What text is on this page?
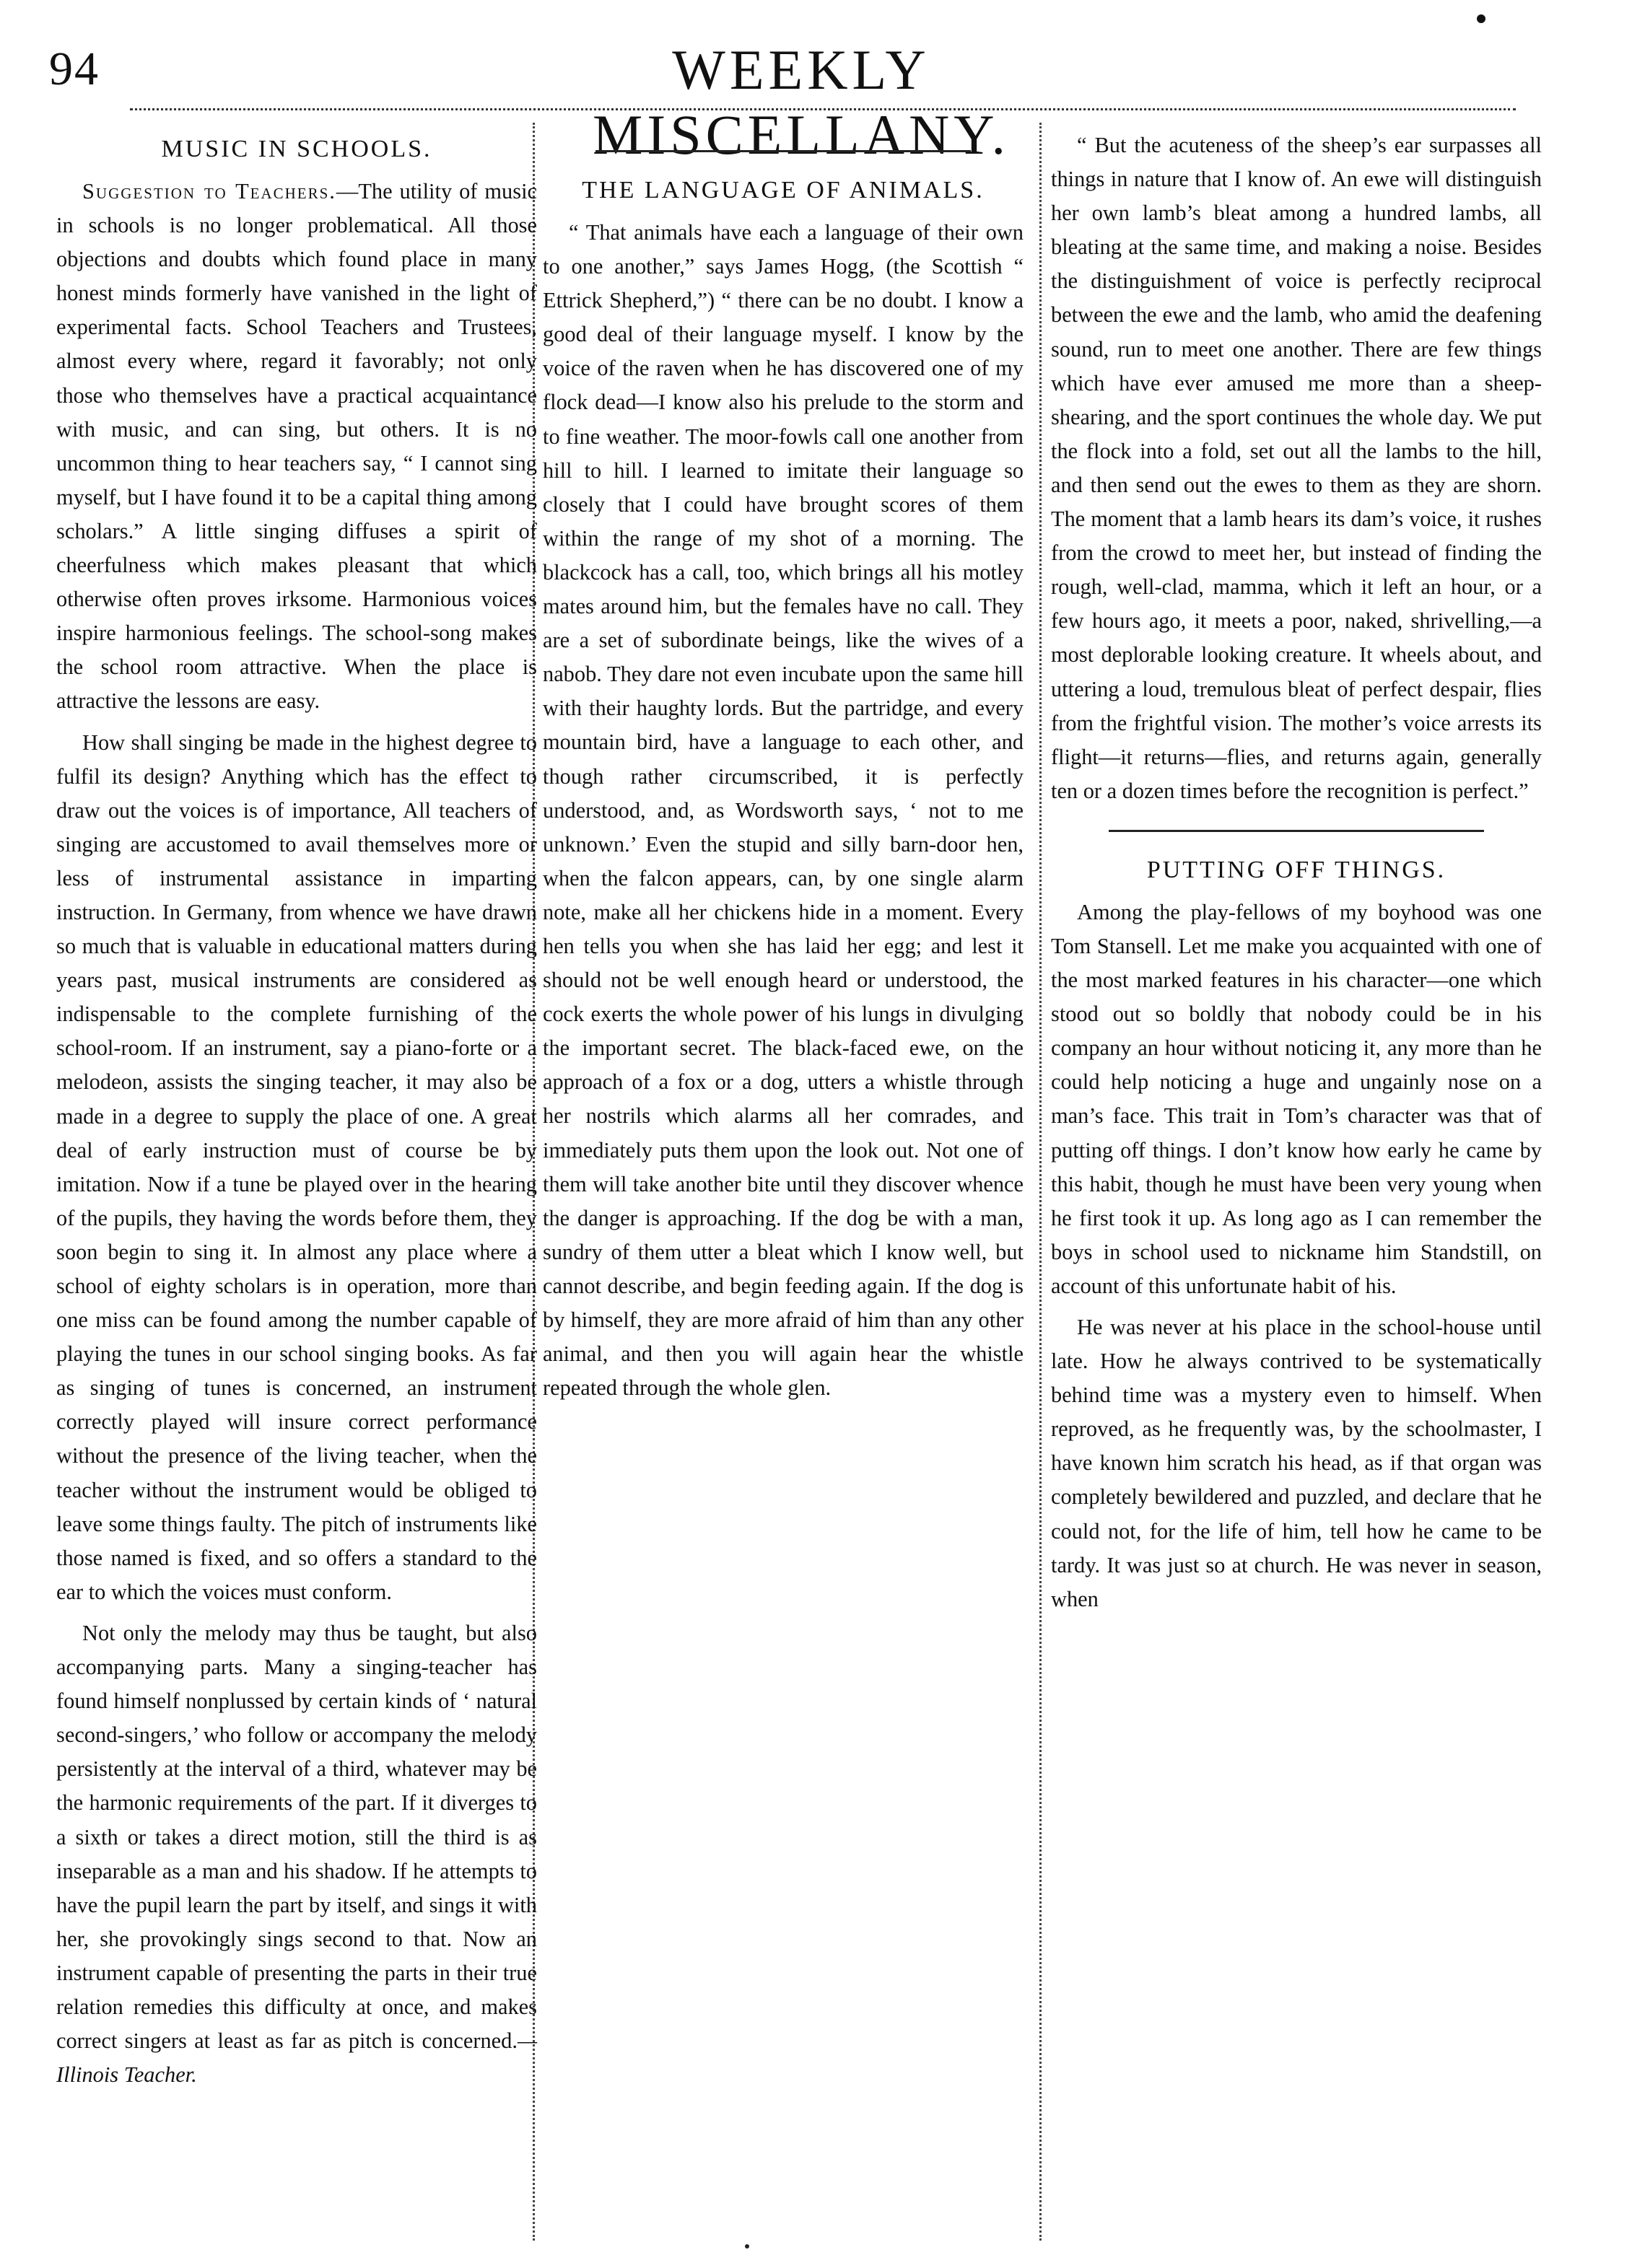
94	WEEKLY MISCELLANY.
MUSIC IN SCHOOLS.

Suggestion to Teachers.—The utility of music in schools is no longer problematical. All those objections and doubts which found place in many honest minds formerly have vanished in the light of experimental facts. School Teachers and Trustees, almost every where, regard it favorably; not only those who themselves have a practical acquaintance with music, and can sing, but others. It is no uncommon thing to hear teachers say, “ I cannot sing myself, but I have found it to be a capital thing among scholars.” A little singing diffuses a spirit of cheerfulness which makes pleasant that which otherwise often proves irksome. Harmonious voices inspire harmonious feelings. The school-song makes the school room attractive. When the place is attractive the lessons are easy.

How shall singing be made in the highest degree to fulfil its design? Anything which has the effect to draw out the voices is of importance, All teachers of singing are accustomed to avail themselves more or less of instrumental assistance in imparting instruction. In Germany, from whence we have drawn so much that is valuable in educational matters during years past, musical instruments are considered as indispensable to the complete furnishing of the school-room. If an instrument, say a piano-forte or a melodeon, assists the singing teacher, it may also be made in a degree to supply the place of one. A great deal of early instruction must of course be by imitation. Now if a tune be played over in the hearing of the pupils, they having the words before them, they soon begin to sing it. In almost any place where a school of eighty scholars is in operation, more than one miss can be found among the number capable of playing the tunes in our school singing books. As far as singing of tunes is concerned, an instrument correctly played will insure correct performance without the presence of the living teacher, when the teacher without the instrument would be obliged to leave some things faulty. The pitch of instruments like those named is fixed, and so offers a standard to the ear to which the voices must conform.

Not only the melody may thus be taught, but also accompanying parts. Many a singing-teacher has found himself nonplussed by certain kinds of ‘ natural second-singers,’ who follow or accompany the melody persistently at the interval of a third, whatever may be the harmonic requirements of the part. If it diverges to a sixth or takes a direct motion, still the third is as inseparable as a man and his shadow. If he attempts to have the pupil learn the part by itself, and sings it with her, she provokingly sings second to that. Now an instrument capable of presenting the parts in their true relation remedies this difficulty at once, and makes correct singers at least as far as pitch is concerned.—Illinois Teacher.

THE LANGUAGE OF ANIMALS.

“ That animals have each a language of their own to one another,” says James Hogg, (the Scottish “ Ettrick Shepherd,”) “ there can be no doubt. I know a good deal of their language myself. I know by the voice of the raven when he has discovered one of my flock dead—I know also his prelude to the storm and to fine weather. The moor-fowls call one another from hill to hill. I learned to imitate their language so closely that I could have brought scores of them within the range of my shot of a morning. The blackcock has a call, too, which brings all his motley mates around him, but the females have no call. They are a set of subordinate beings, like the wives of a nabob. They dare not even incubate upon the same hill with their haughty lords. But the partridge, and every mountain bird, have a language to each other, and though rather circumscribed, it is perfectly understood, and, as Wordsworth says, ‘ not to me unknown.’ Even the stupid and silly barn-door hen, when the falcon appears, can, by one single alarm note, make all her chickens hide in a moment. Every hen tells you when she has laid her egg; and lest it should not be well enough heard or understood, the cock exerts the whole power of his lungs in divulging the important secret. The black-faced ewe, on the approach of a fox or a dog, utters a whistle through her nostrils which alarms all her comrades, and immediately puts them upon the look out. Not one of them will take another bite until they discover whence the danger is approaching. If the dog be with a man, sundry of them utter a bleat which I know well, but cannot describe, and begin feeding again. If the dog is by himself, they are more afraid of him than any other animal, and then you will again hear the whistle repeated through the whole glen.

“ But the acuteness of the sheep’s ear surpasses all things in nature that I know of. An ewe will distinguish her own lamb’s bleat among a hundred lambs, all bleating at the same time, and making a noise. Besides the distinguishment of voice is perfectly reciprocal between the ewe and the lamb, who amid the deafening sound, run to meet one another. There are few things which have ever amused me more than a sheep-shearing, and the sport continues the whole day. We put the flock into a fold, set out all the lambs to the hill, and then send out the ewes to them as they are shorn. The moment that a lamb hears its dam’s voice, it rushes from the crowd to meet her, but instead of finding the rough, well-clad, mamma, which it left an hour, or a few hours ago, it meets a poor, naked, shrivelling,—a most deplorable looking creature. It wheels about, and uttering a loud, tremulous bleat of perfect despair, flies from the frightful vision. The mother’s voice arrests its flight—it returns—flies, and returns again, generally ten or a dozen times before the recognition is perfect.”

PUTTING OFF THINGS.

Among the play-fellows of my boyhood was one Tom Stansell. Let me make you acquainted with one of the most marked features in his character—one which stood out so boldly that nobody could be in his company an hour without noticing it, any more than he could help noticing a huge and ungainly nose on a man’s face. This trait in Tom’s character was that of putting off things. I don’t know how early he came by this habit, though he must have been very young when he first took it up. As long ago as I can remember the boys in school used to nickname him Standstill, on account of this unfortunate habit of his.

He was never at his place in the school-house until late. How he always contrived to be systematically behind time was a mystery even to himself. When reproved, as he frequently was, by the schoolmaster, I have known him scratch his head, as if that organ was completely bewildered and puzzled, and declare that he could not, for the life of him, tell how he came to be tardy. It was just so at church. He was never in season, when
